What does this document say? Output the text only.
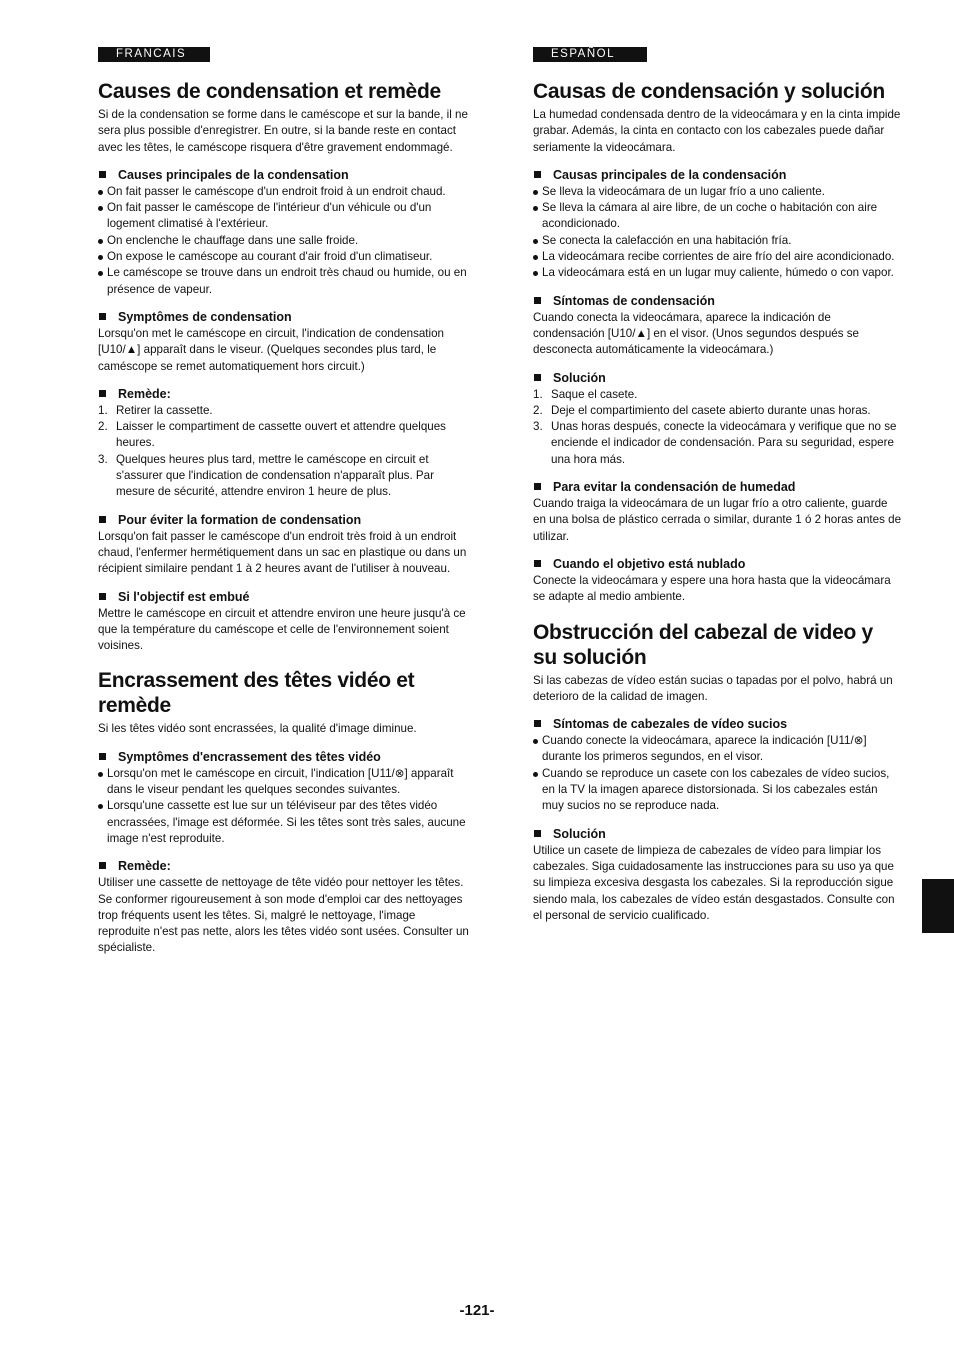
FRANCAIS
Causes de condensation et remède

Si de la condensation se forme dans le caméscope et sur la bande, il ne sera plus possible d'enregistrer. En outre, si la bande reste en contact avec les têtes, le caméscope risquera d'être gravement endommagé.

Causes principales de la condensation
On fait passer le caméscope d'un endroit froid à un endroit chaud.
On fait passer le caméscope de l'intérieur d'un véhicule ou d'un logement climatisé à l'extérieur.
On enclenche le chauffage dans une salle froide.
On expose le caméscope au courant d'air froid d'un climatiseur.
Le caméscope se trouve dans un endroit très chaud ou humide, ou en présence de vapeur.
Symptômes de condensation

Lorsqu'on met le caméscope en circuit, l'indication de condensation [U10/▲] apparaît dans le viseur. (Quelques secondes plus tard, le caméscope se remet automatiquement hors circuit.)

Remède:
1. Retirer la cassette.
2. Laisser le compartiment de cassette ouvert et attendre quelques heures.
3. Quelques heures plus tard, mettre le caméscope en circuit et s'assurer que l'indication de condensation n'apparaît plus. Par mesure de sécurité, attendre environ 1 heure de plus.
Pour éviter la formation de condensation

Lorsqu'on fait passer le caméscope d'un endroit très froid à un endroit chaud, l'enfermer hermétiquement dans un sac en plastique ou dans un récipient similaire pendant 1 à 2 heures avant de l'utiliser à nouveau.

Si l'objectif est embué

Mettre le caméscope en circuit et attendre environ une heure jusqu'à ce que la température du caméscope et celle de l'environnement soient voisines.

Encrassement des têtes vidéo et remède

Si les têtes vidéo sont encrassées, la qualité d'image diminue.

Symptômes d'encrassement des têtes vidéo
Lorsqu'on met le caméscope en circuit, l'indication [U11/⊗] apparaît dans le viseur pendant les quelques secondes suivantes.
Lorsqu'une cassette est lue sur un téléviseur par des têtes vidéo encrassées, l'image est déformée. Si les têtes sont très sales, aucune image n'est reproduite.
Remède:

Utiliser une cassette de nettoyage de tête vidéo pour nettoyer les têtes. Se conformer rigoureusement à son mode d'emploi car des nettoyages trop fréquents usent les têtes. Si, malgré le nettoyage, l'image reproduite n'est pas nette, alors les têtes vidéo sont usées. Consulter un spécialiste.

ESPAÑOL
Causas de condensación y solución

La humedad condensada dentro de la videocámara y en la cinta impide grabar. Además, la cinta en contacto con los cabezales puede dañar seriamente la videocámara.

Causas principales de la condensación
Se lleva la videocámara de un lugar frío a uno caliente.
Se lleva la cámara al aire libre, de un coche o habitación con aire acondicionado.
Se conecta la calefacción en una habitación fría.
La videocámara recibe corrientes de aire frío del aire acondicionado.
La videocámara está en un lugar muy caliente, húmedo o con vapor.
Síntomas de condensación

Cuando conecta la videocámara, aparece la indicación de condensación [U10/▲] en el visor. (Unos segundos después se desconecta automáticamente la videocámara.)

Solución
1. Saque el casete.
2. Deje el compartimiento del casete abierto durante unas horas.
3. Unas horas después, conecte la videocámara y verifique que no se enciende el indicador de condensación. Para su seguridad, espere una hora más.
Para evitar la condensación de humedad

Cuando traiga la videocámara de un lugar frío a otro caliente, guarde en una bolsa de plástico cerrada o similar, durante 1 ó 2 horas antes de utilizar.

Cuando el objetivo está nublado

Conecte la videocámara y espere una hora hasta que la videocámara se adapte al medio ambiente.

Obstrucción del cabezal de video y su solución

Si las cabezas de vídeo están sucias o tapadas por el polvo, habrá un deterioro de la calidad de imagen.

Síntomas de cabezales de vídeo sucios
Cuando conecte la videocámara, aparece la indicación [U11/⊗] durante los primeros segundos, en el visor.
Cuando se reproduce un casete con los cabezales de vídeo sucios, en la TV la imagen aparece distorsionada. Si los cabezales están muy sucios no se reproduce nada.
Solución

Utilice un casete de limpieza de cabezales de vídeo para limpiar los cabezales. Siga cuidadosamente las instrucciones para su uso ya que su limpieza excesiva desgasta los cabezales. Si la reproducción sigue siendo mala, los cabezales de vídeo están desgastados. Consulte con el personal de servicio cualificado.

-121-
